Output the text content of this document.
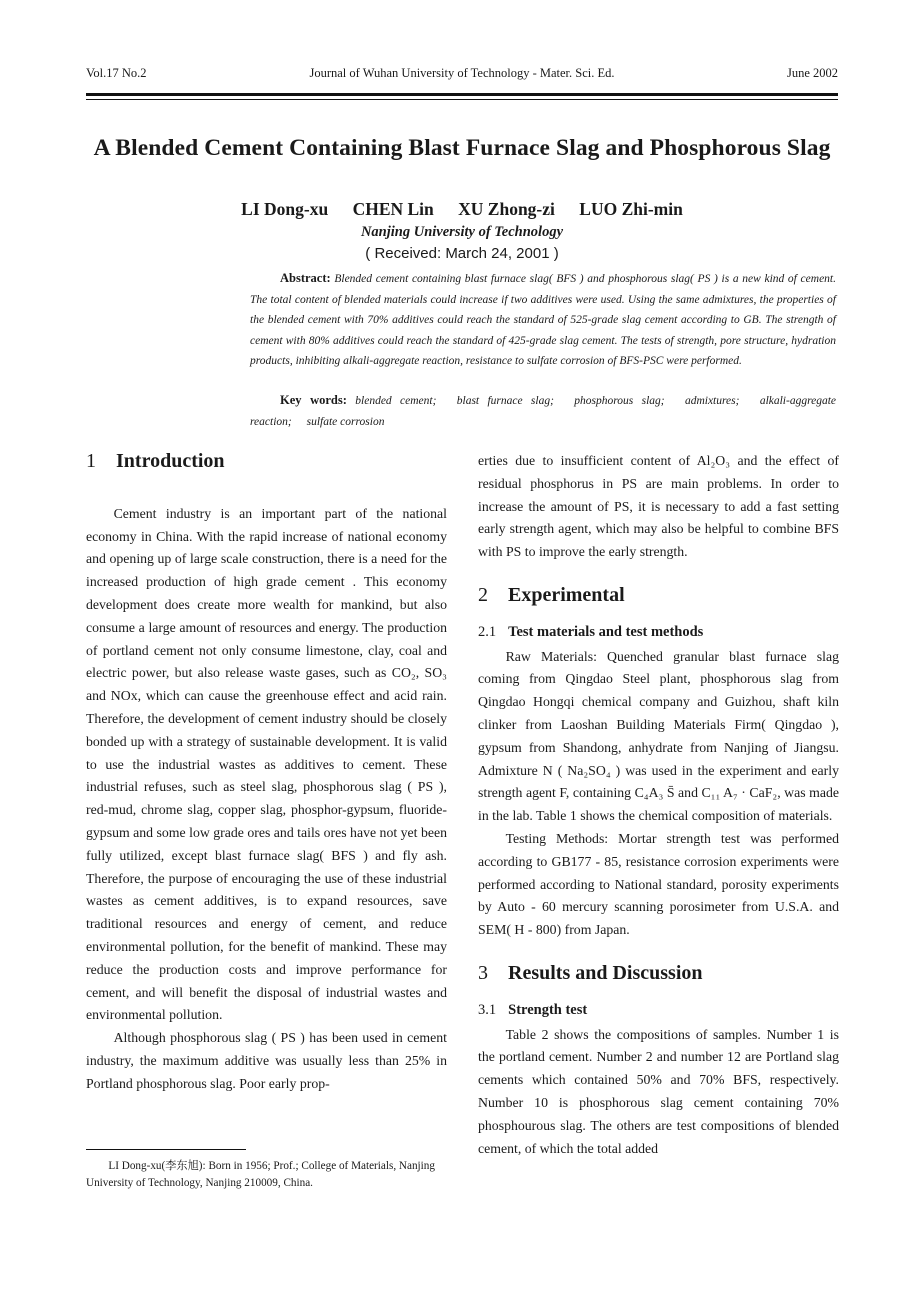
Vol.17 No.2	Journal of Wuhan University of Technology - Mater. Sci. Ed.	June 2002
A Blended Cement Containing Blast Furnace Slag and Phosphorous Slag
LI Dong-xu CHEN Lin XU Zhong-zi LUO Zhi-min
Nanjing University of Technology
( Received: March 24, 2001 )
Abstract: Blended cement containing blast furnace slag( BFS ) and phosphorous slag( PS ) is a new kind of cement. The total content of blended materials could increase if two additives were used. Using the same admixtures, the properties of the blended cement with 70% additives could reach the standard of 525-grade slag cement according to GB. The strength of cement with 80% additives could reach the standard of 425-grade slag cement. The tests of strength, pore structure, hydration products, inhibiting alkali-aggregate reaction, resistance to sulfate corrosion of BFS-PSC were performed.
Key words: blended cement; blast furnace slag; phosphorous slag; admixtures; alkali-aggregate reaction; sulfate corrosion
1 Introduction

Cement industry is an important part of the national economy in China. With the rapid increase of national economy and opening up of large scale construction, there is a need for the increased production of high grade cement . This economy development does create more wealth for mankind, but also consume a large amount of resources and energy. The production of portland cement not only consume limestone, clay, coal and electric power, but also release waste gases, such as CO₂, SO₃ and NOx, which can cause the greenhouse effect and acid rain. Therefore, the development of cement industry should be closely bonded up with a strategy of sustainable development. It is valid to use the industrial wastes as additives to cement. These industrial refuses, such as steel slag, phosphorous slag ( PS ), red-mud, chrome slag, copper slag, phosphor-gypsum, fluoride-gypsum and some low grade ores and tails ores have not yet been fully utilized, except blast furnace slag( BFS ) and fly ash. Therefore, the purpose of encouraging the use of these industrial wastes as cement additives, is to expand resources, save traditional resources and energy of cement, and reduce environmental pollution, for the benefit of mankind. These may reduce the production costs and improve performance for cement, and will benefit the disposal of industrial wastes and environmental pollution.

Although phosphorous slag ( PS ) has been used in cement industry, the maximum additive was usually less than 25% in Portland phosphorous slag. Poor early prop-

erties due to insufficient content of Al₂O₃ and the effect of residual phosphorus in PS are main problems. In order to increase the amount of PS, it is necessary to add a fast setting early strength agent, which may also be helpful to combine BFS with PS to improve the early strength.

2 Experimental
2.1 Test materials and test methods

Raw Materials: Quenched granular blast furnace slag coming from Qingdao Steel plant, phosphorous slag from Qingdao Hongqi chemical company and Guizhou, shaft kiln clinker from Laoshan Building Materials Firm( Qingdao ), gypsum from Shandong, anhydrate from Nanjing of Jiangsu. Admixture N ( Na₂SO₄ ) was used in the experiment and early strength agent F, containing C₄A₃ S̄ and C₁₁ A₇ · CaF₂, was made in the lab. Table 1 shows the chemical composition of materials.

Testing Methods: Mortar strength test was performed according to GB177 - 85, resistance corrosion experiments were performed according to National standard, porosity experiments by Auto - 60 mercury scanning porosimeter from U.S.A. and SEM( H - 800) from Japan.

3 Results and Discussion
3.1 Strength test

Table 2 shows the compositions of samples. Number 1 is the portland cement. Number 2 and number 12 are Portland slag cements which contained 50% and 70% BFS, respectively. Number 10 is phosphorous slag cement containing 70% phosphourous slag. The others are test compositions of blended cement, of which the total added

LI Dong-xu(李东旭): Born in 1956; Prof.; College of Materials, Nanjing University of Technology, Nanjing 210009, China.
